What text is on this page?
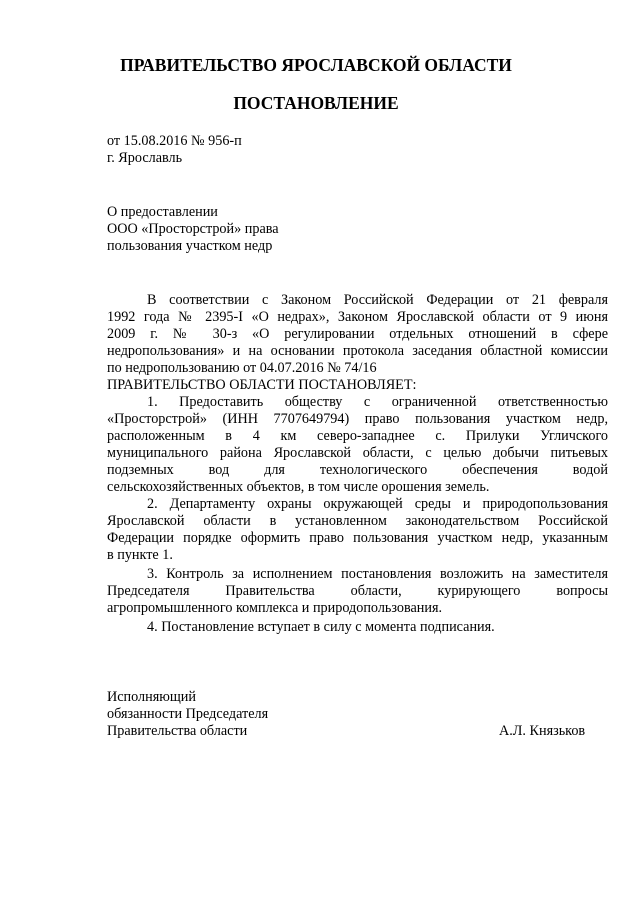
ПРАВИТЕЛЬСТВО ЯРОСЛАВСКОЙ ОБЛАСТИ
ПОСТАНОВЛЕНИЕ
от 15.08.2016 № 956-п
г. Ярославль
О предоставлении
ООО «Просторстрой» права
пользования участком недр
В соответствии с Законом Российской Федерации от 21 февраля
1992 года № 2395-I «О недрах», Законом Ярославской области от 9 июня
2009 г. № 30-з «О регулировании отдельных отношений в сфере
недропользования» и на основании протокола заседания областной комиссии
по недропользованию от 04.07.2016 № 74/16
ПРАВИТЕЛЬСТВО ОБЛАСТИ ПОСТАНОВЛЯЕТ:
1. Предоставить обществу с ограниченной ответственностью
«Просторстрой» (ИНН 7707649794) право пользования участком недр,
расположенным в 4 км северо-западнее с. Прилуки Угличского
муниципального района Ярославской области, с целью добычи питьевых
подземных вод для технологического обеспечения водой
сельскохозяйственных объектов, в том числе орошения земель.
2. Департаменту охраны окружающей среды и природопользования
Ярославской области в установленном законодательством Российской
Федерации порядке оформить право пользования участком недр, указанным
в пункте 1.
3. Контроль за исполнением постановления возложить на заместителя
Председателя Правительства области, курирующего вопросы
агропромышленного комплекса и природопользования.
4. Постановление вступает в силу с момента подписания.
Исполняющий
обязанности Председателя
Правительства области	А.Л. Князьков
